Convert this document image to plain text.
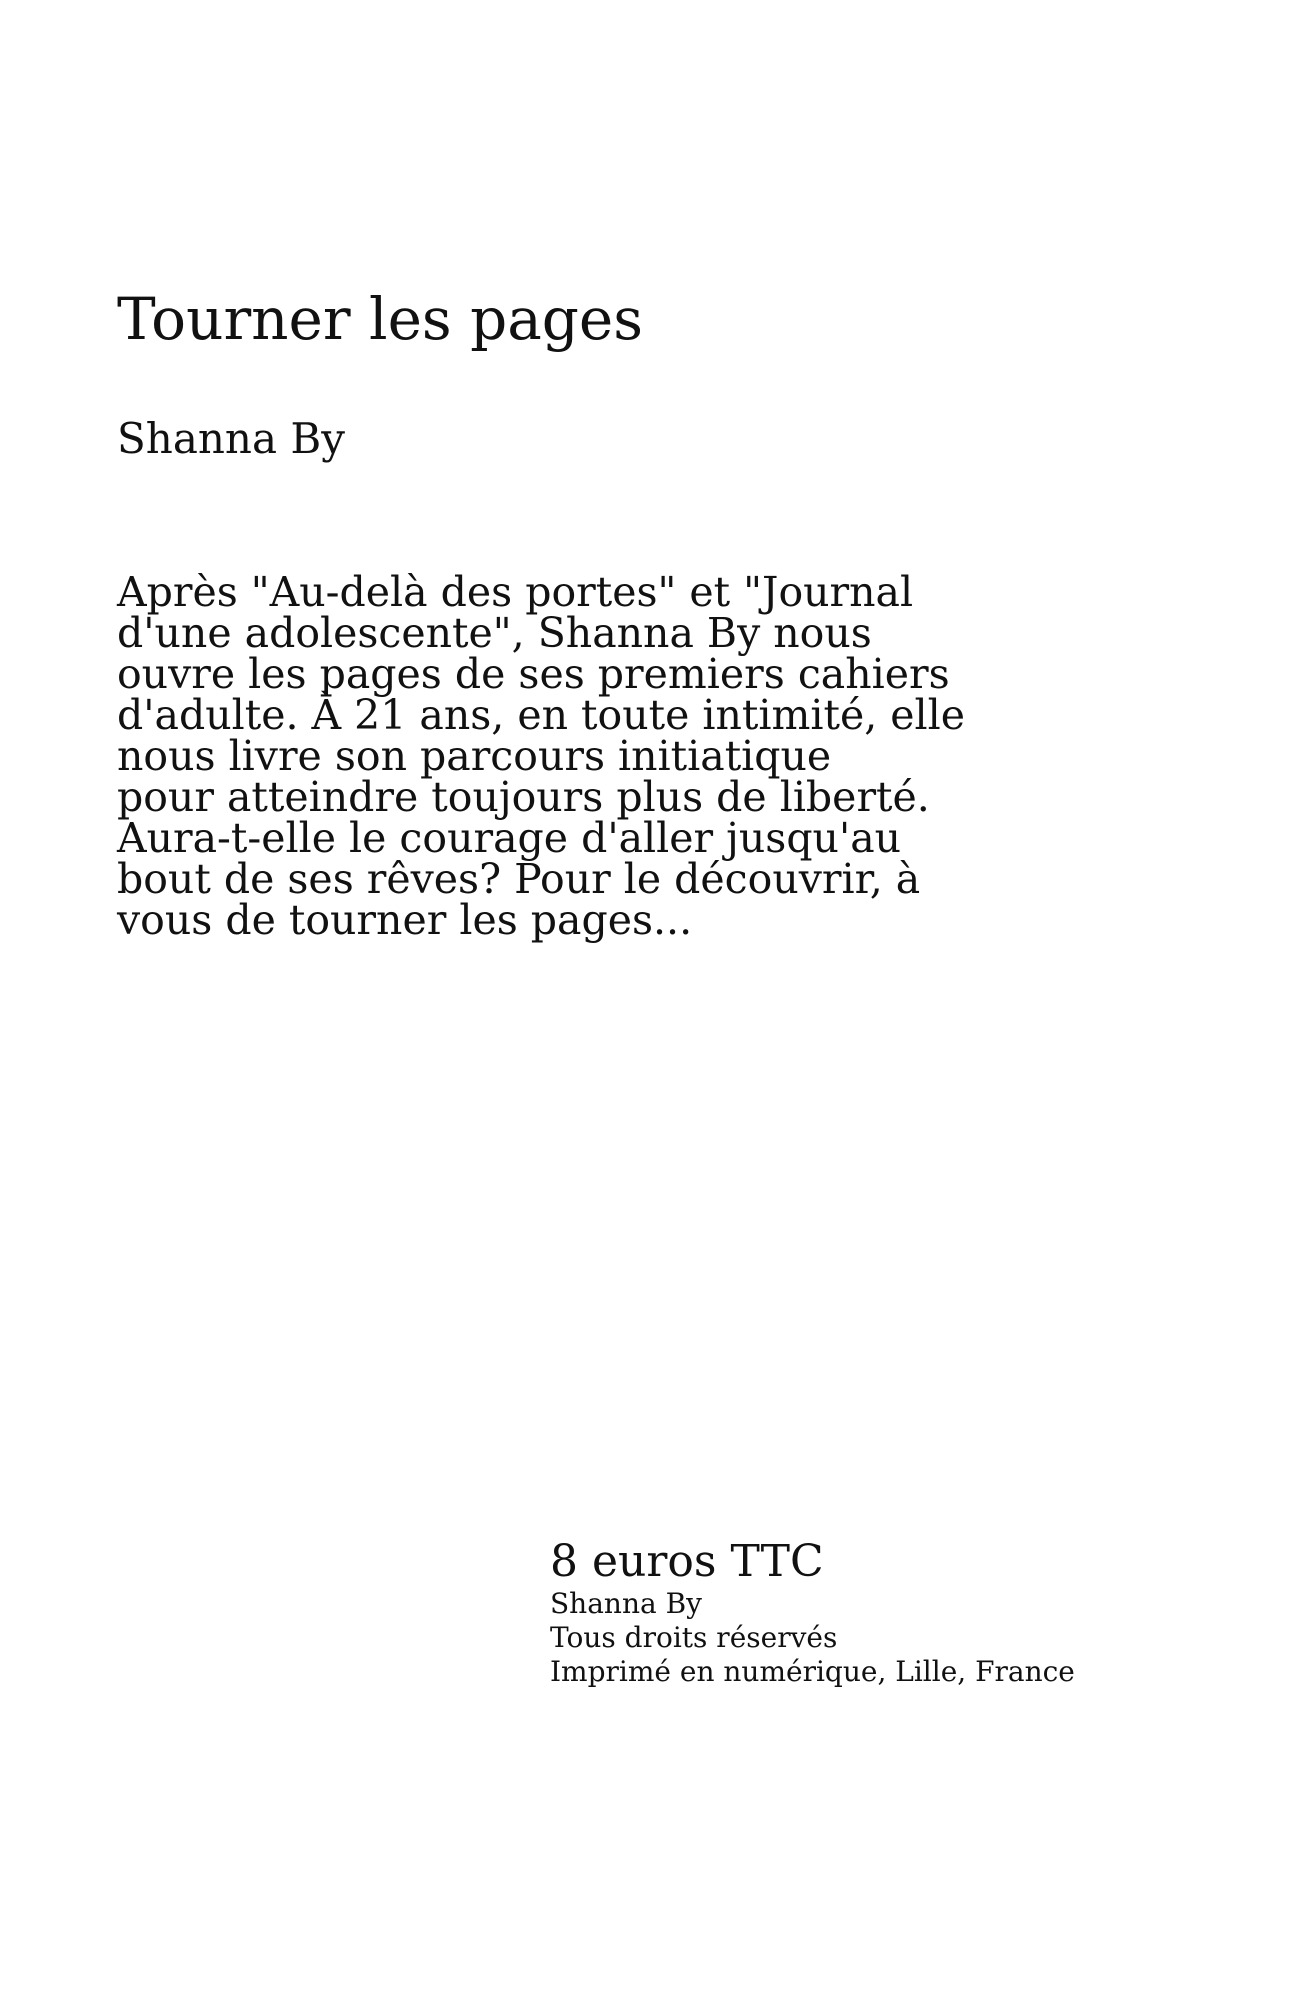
Tourner les pages

Shanna By

Après "Au-delà des portes" et "Journal
d'une adolescente", Shanna By nous
ouvre les pages de ses premiers cahiers
d'adulte. À 21 ans, en toute intimité, elle
nous livre son parcours initiatique
pour atteindre toujours plus de liberté.
Aura-t-elle le courage d'aller jusqu'au
bout de ses rêves? Pour le découvrir, à
vous de tourner les pages...

8 euros TTC
Shanna By
Tous droits réservés
Imprimé en numérique, Lille, France
